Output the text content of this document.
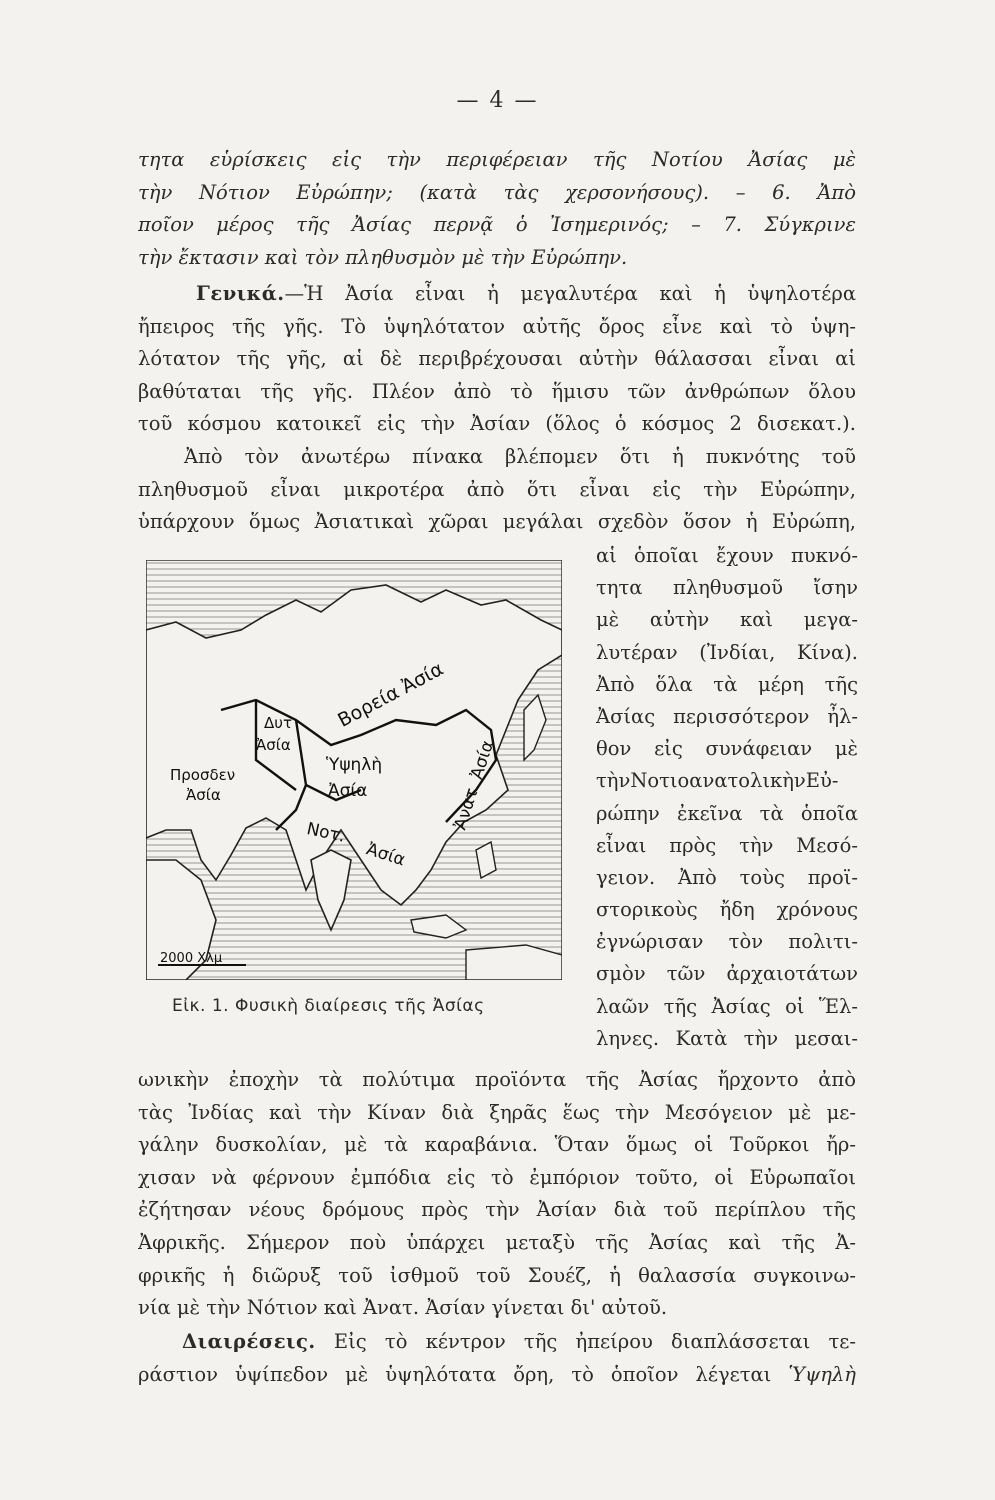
— 4 —
τητα εὑρίσκεις εἰς τὴν περιφέρειαν τῆς Νοτίου Ἀσίας μὲ
τὴν Νότιον Εὐρώπην; (κατὰ τὰς χερσονήσους). – 6. Ἀπὸ
ποῖον μέρος τῆς Ἀσίας περνᾷ ὁ Ἰσημερινός; – 7. Σύγκρινε
τὴν ἔκτασιν καὶ τὸν πληθυσμὸν μὲ τὴν Εὐρώπην.
Γενικά.—Ἡ Ἀσία εἶναι ἡ μεγαλυτέρα καὶ ἡ ὑψηλοτέρα
ἤπειρος τῆς γῆς. Τὸ ὑψηλότατον αὐτῆς ὄρος εἶνε καὶ τὸ ὑψη-
λότατον τῆς γῆς, αἱ δὲ περιβρέχουσαι αὐτὴν θάλασσαι εἶναι αἱ
βαθύταται τῆς γῆς. Πλέον ἀπὸ τὸ ἥμισυ τῶν ἀνθρώπων ὅλου
τοῦ κόσμου κατοικεῖ εἰς τὴν Ἀσίαν (ὅλος ὁ κόσμος 2 δισεκατ.).
Ἀπὸ τὸν ἀνωτέρω πίνακα βλέπομεν ὅτι ἡ πυκνότης τοῦ
πληθυσμοῦ εἶναι μικροτέρα ἀπὸ ὅτι εἶναι εἰς τὴν Εὐρώπην,
ὑπάρχουν ὅμως Ἀσιατικαὶ χῶραι μεγάλαι σχεδὸν ὅσον ἡ Εὐρώπη,
αἱ ὁποῖαι ἔχουν πυκνό-
τητα πληθυσμοῦ ἴσην
μὲ αὐτὴν καὶ μεγα-
λυτέραν (Ἰνδίαι, Κίνα).
Ἀπὸ ὅλα τὰ μέρη τῆς
Ἀσίας περισσότερον ἦλ-
θον εἰς συνάφειαν μὲ
τὴνΝοτιοανατολικὴνΕὐ-
ρώπην ἐκεῖνα τὰ ὁποῖα
εἶναι πρὸς τὴν Μεσό-
γειον. Ἀπὸ τοὺς προϊ-
στορικοὺς ἤδη χρόνους
ἐγνώρισαν τὸν πολιτι-
σμὸν τῶν ἀρχαιοτάτων
λαῶν τῆς Ἀσίας οἱ Ἕλ-
ληνες. Κατὰ τὴν μεσαι-
2000 Χλμ
Βορεία Ἀσία
Δυτ
Ἀσία
Προσδεν
Ἀσία
Ὑψηλὴ
Ἀσία
Νοτ.
Ἀσία
Ἀνατ. Ἀσία
Εἰκ. 1. Φυσικὴ διαίρεσις τῆς Ἀσίας
ωνικὴν ἐποχὴν τὰ πολύτιμα προϊόντα τῆς Ἀσίας ἤρχοντο ἀπὸ
τὰς Ἰνδίας καὶ τὴν Κίναν διὰ ξηρᾶς ἕως τὴν Μεσόγειον μὲ με-
γάλην δυσκολίαν, μὲ τὰ καραβάνια. Ὅταν ὅμως οἱ Τοῦρκοι ἤρ-
χισαν νὰ φέρνουν ἐμπόδια εἰς τὸ ἐμπόριον τοῦτο, οἱ Εὐρωπαῖοι
ἐζήτησαν νέους δρόμους πρὸς τὴν Ἀσίαν διὰ τοῦ περίπλου τῆς
Ἀφρικῆς. Σήμερον ποὺ ὑπάρχει μεταξὺ τῆς Ἀσίας καὶ τῆς Ἀ-
φρικῆς ἡ διῶρυξ τοῦ ἰσθμοῦ τοῦ Σουέζ, ἡ θαλασσία συγκοινω-
νία μὲ τὴν Νότιον καὶ Ἀνατ. Ἀσίαν γίνεται δι' αὐτοῦ.
Διαιρέσεις. Εἰς τὸ κέντρον τῆς ἠπείρου διαπλάσσεται τε-
ράστιον ὑψίπεδον μὲ ὑψηλότατα ὄρη, τὸ ὁποῖον λέγεται Ὑψηλὴ
